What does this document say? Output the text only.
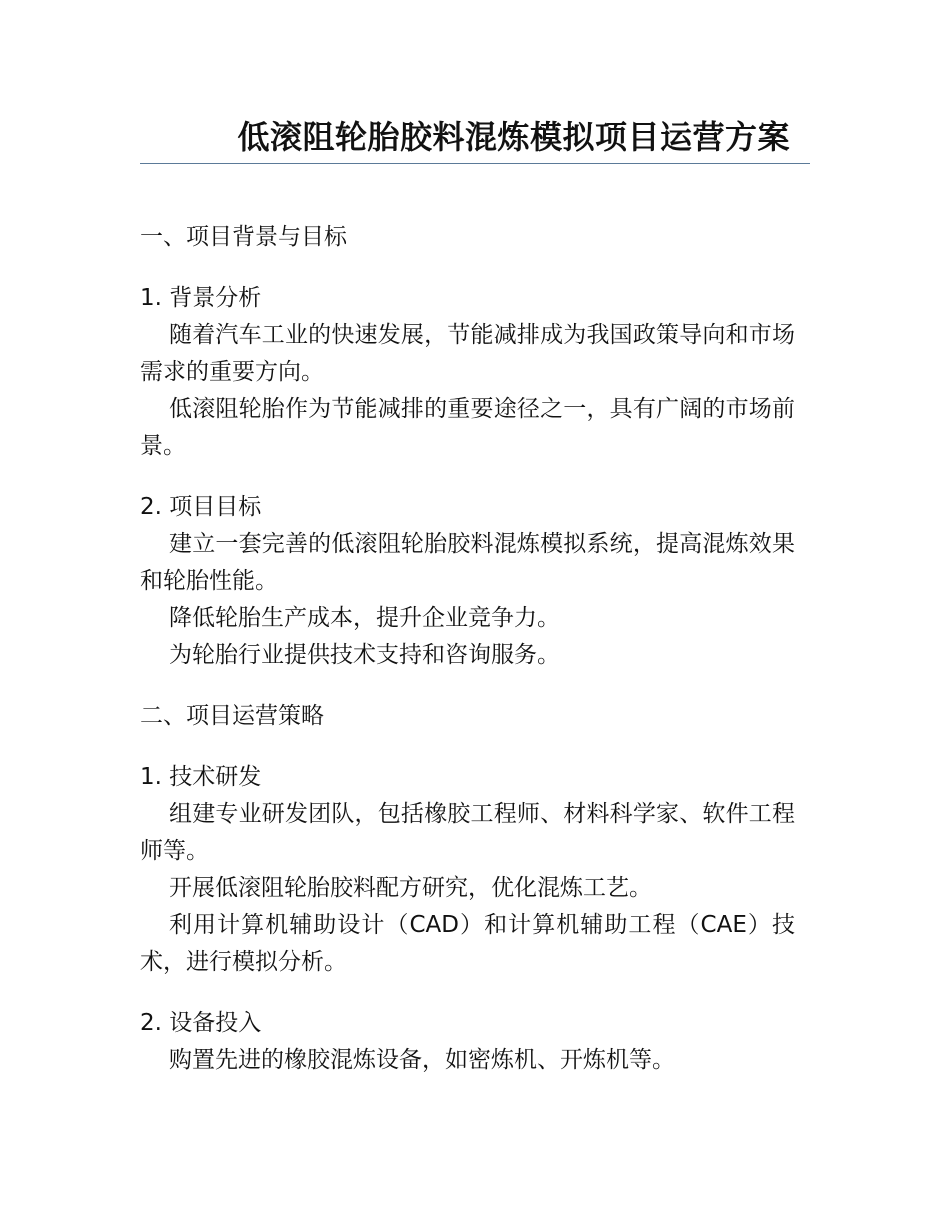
低滚阻轮胎胶料混炼模拟项目运营方案
一、项目背景与目标
1. 背景分析

随着汽车工业的快速发展，节能减排成为我国政策导向和市场需求的重要方向。

低滚阻轮胎作为节能减排的重要途径之一，具有广阔的市场前景。

2. 项目目标

建立一套完善的低滚阻轮胎胶料混炼模拟系统，提高混炼效果和轮胎性能。

降低轮胎生产成本，提升企业竞争力。

为轮胎行业提供技术支持和咨询服务。

二、项目运营策略
1. 技术研发

组建专业研发团队，包括橡胶工程师、材料科学家、软件工程师等。

开展低滚阻轮胎胶料配方研究，优化混炼工艺。

利用计算机辅助设计（CAD）和计算机辅助工程（CAE）技术，进行模拟分析。

2. 设备投入

购置先进的橡胶混炼设备，如密炼机、开炼机等。
